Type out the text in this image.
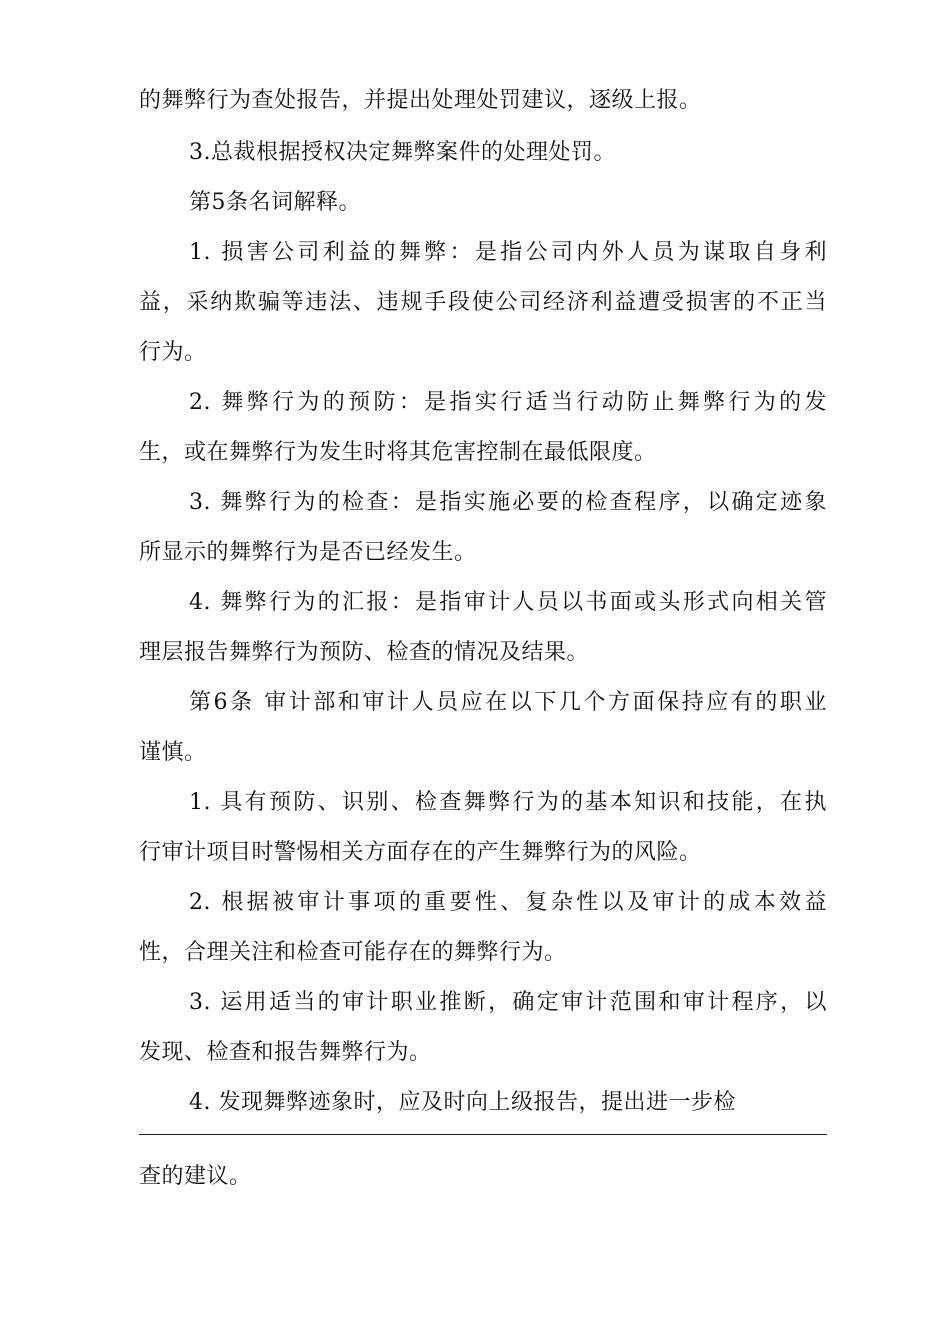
的舞弊行为查处报告，并提出处理处罚建议，逐级上报。
3.总裁根据授权决定舞弊案件的处理处罚。
第5条名词解释。
1. 损害公司利益的舞弊：是指公司内外人员为谋取自身利
益，采纳欺骗等违法、违规手段使公司经济利益遭受损害的不正当
行为。
2. 舞弊行为的预防：是指实行适当行动防止舞弊行为的发
生，或在舞弊行为发生时将其危害控制在最低限度。
3. 舞弊行为的检查：是指实施必要的检查程序，以确定迹象
所显示的舞弊行为是否已经发生。
4. 舞弊行为的汇报：是指审计人员以书面或头形式向相关管
理层报告舞弊行为预防、检查的情况及结果。
第6条 审计部和审计人员应在以下几个方面保持应有的职业
谨慎。
1. 具有预防、识别、检查舞弊行为的基本知识和技能，在执
行审计项目时警惕相关方面存在的产生舞弊行为的风险。
2. 根据被审计事项的重要性、复杂性以及审计的成本效益
性，合理关注和检查可能存在的舞弊行为。
3. 运用适当的审计职业推断，确定审计范围和审计程序，以
发现、检查和报告舞弊行为。
4. 发现舞弊迹象时，应及时向上级报告，提出进一步检
查的建议。
